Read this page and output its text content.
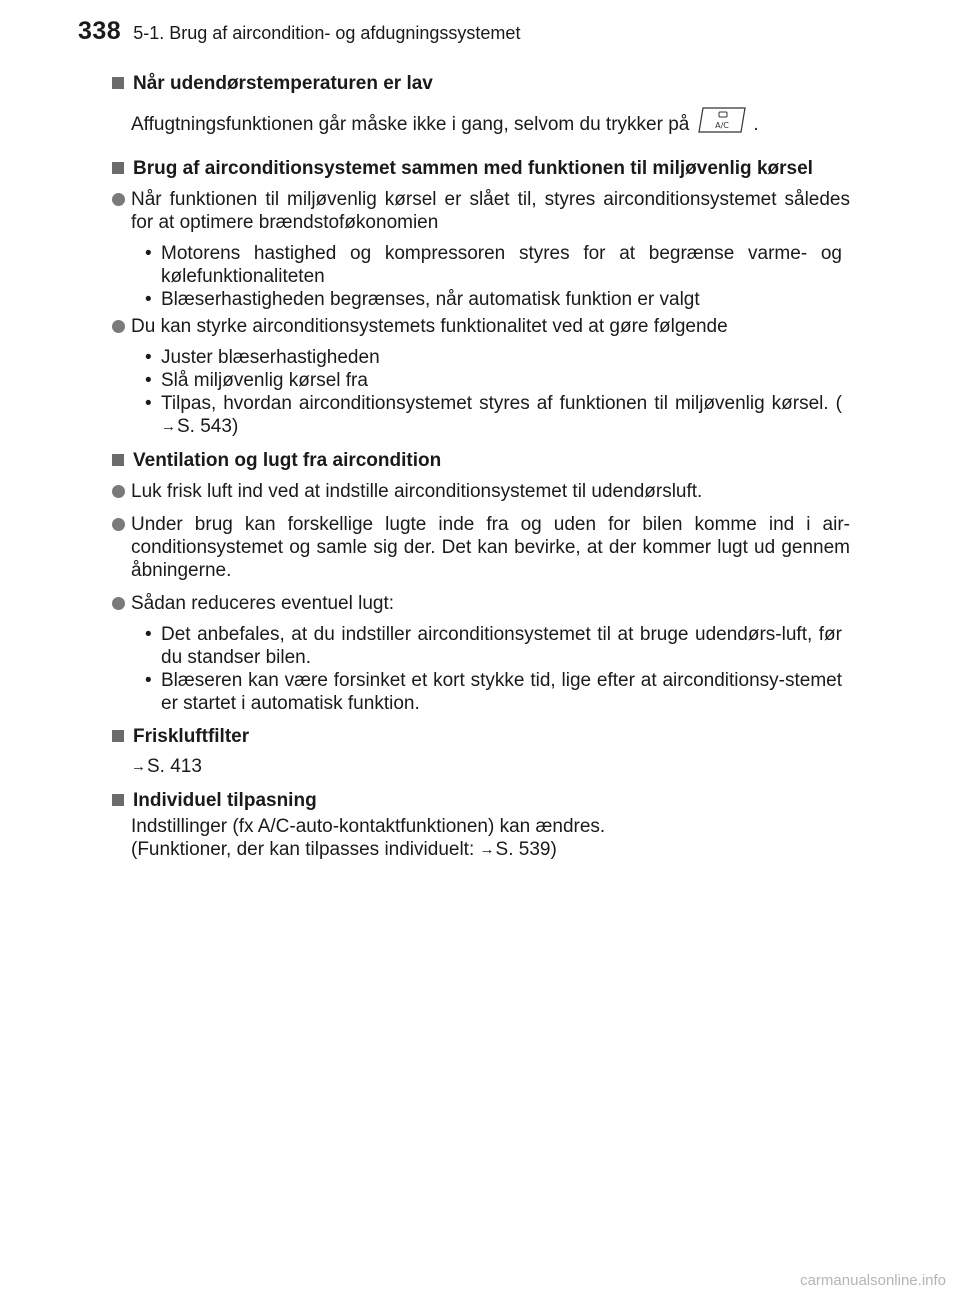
338 5-1. Brug af aircondition- og afdugningssystemet
Når udendørstemperaturen er lav
Affugtningsfunktionen går måske ikke i gang, selvom du trykker på	A/C .
Brug af airconditionsystemet sammen med funktionen til miljøvenlig kørsel
Når funktionen til miljøvenlig kørsel er slået til, styres airconditionsystemet således for at optimere brændstoføkonomien
• Motorens hastighed og kompressoren styres for at begrænse varme- og kølefunktionaliteten
• Blæserhastigheden begrænses, når automatisk funktion er valgt
Du kan styrke airconditionsystemets funktionalitet ved at gøre følgende
• Juster blæserhastigheden
• Slå miljøvenlig kørsel fra
• Tilpas, hvordan airconditionsystemet styres af funktionen til miljøvenlig kørsel. (→S. 543)
Ventilation og lugt fra aircondition
Luk frisk luft ind ved at indstille airconditionsystemet til udendørsluft.
Under brug kan forskellige lugte inde fra og uden for bilen komme ind i air-conditionsystemet og samle sig der. Det kan bevirke, at der kommer lugt ud gennem åbningerne.
Sådan reduceres eventuel lugt:
• Det anbefales, at du indstiller airconditionsystemet til at bruge udendørs-luft, før du standser bilen.
• Blæseren kan være forsinket et kort stykke tid, lige efter at airconditionsy-stemet er startet i automatisk funktion.
Friskluftfilter
→S. 413
Individuel tilpasning
Indstillinger (fx A/C-auto-kontaktfunktionen) kan ændres.
(Funktioner, der kan tilpasses individuelt: →S. 539)
carmanualsonline.info
